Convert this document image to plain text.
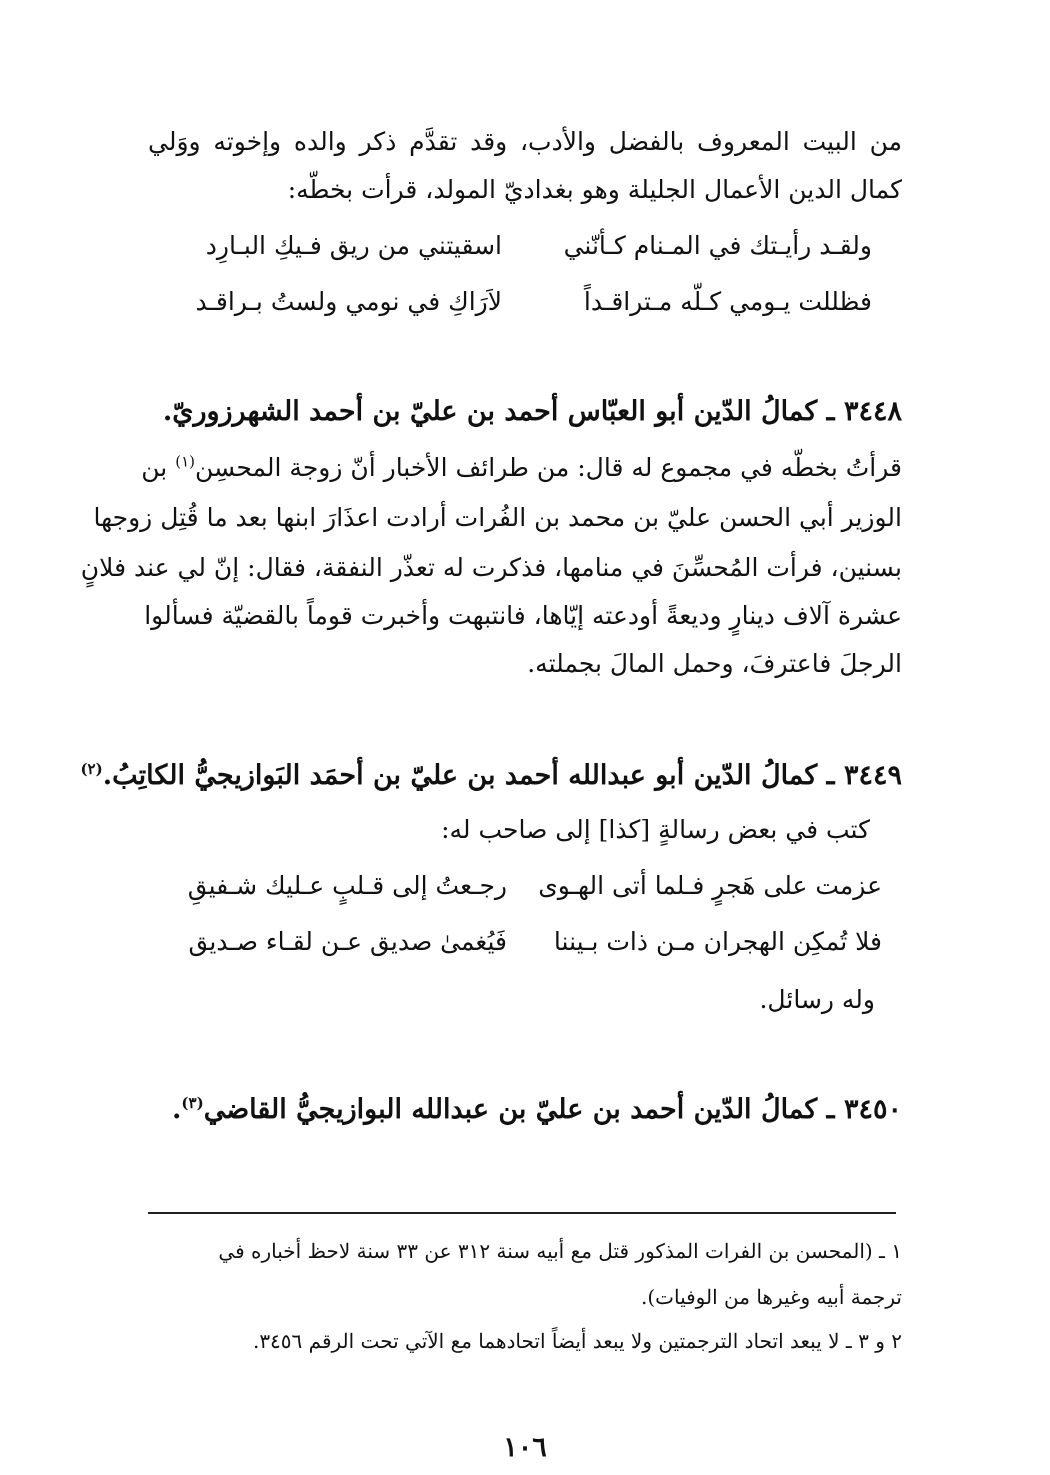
من البيت المعروف بالفضل والأدب، وقد تقدَّم ذكر والده وإخوته ووَلي
كمال الدين الأعمال الجليلة وهو بغداديّ المولد، قرأت بخطّه:
ولقـد رأيـتك في المـنام كـأنّني
اسقيتني من ريق فـيكِ البـارِد
فظللت يـومي كـلّه مـتراقـداً
لاَرَاكِ في نومي ولستُ بـراقـد
٣٤٤٨ ـ كمالُ الدّين أبو العبّاس أحمد بن عليّ بن أحمد الشهرزوريّ.
قرأتُ بخطّه في مجموع له قال: من طرائف الأخبار أنّ زوجة المحسِن$^{(١)}$ بن
الوزير أبي الحسن عليّ بن محمد بن الفُرات أرادت اعذَارَ ابنها بعد ما قُتِل زوجها
بسنين، فرأت المُحسِّنَ في منامها، فذكرت له تعذّر النفقة، فقال: إنّ لي عند فلانٍ
عشرة آلاف دينارٍ وديعةً أودعته إيّاها، فانتبهت وأخبرت قوماً بالقضيّة فسألوا
الرجلَ فاعترفَ، وحمل المالَ بجملته.
٣٤٤٩ ـ كمالُ الدّين أبو عبدالله أحمد بن عليّ بن أحمَد البَوازيجيُّ الكاتِبُ.$^{(٢)}$
كتب في بعض رسالةٍ [كذا] إلى صاحب له:
عزمت على هَجرٍ فـلما أتى الهـوى
رجـعتُ إلى قـلبٍ عـليك شـفيقِ
فلا تُمكِن الهجران مـن ذات بـيننا
فَيُغمىٰ صديق عـن لقـاء صـديق
وله رسائل.
٣٤٥٠ ـ كمالُ الدّين أحمد بن عليّ بن عبدالله البوازيجيُّ القاضي$^{(٣)}$.
١ ـ (المحسن بن الفرات المذكور قتل مع أبيه سنة ٣١٢ عن ٣٣ سنة لاحظ أخباره في
ترجمة أبيه وغيرها من الوفيات).
٢ و ٣ ـ لا يبعد اتحاد الترجمتين ولا يبعد أيضاً اتحادهما مع الآتي تحت الرقم ٣٤٥٦.
١٠٦
